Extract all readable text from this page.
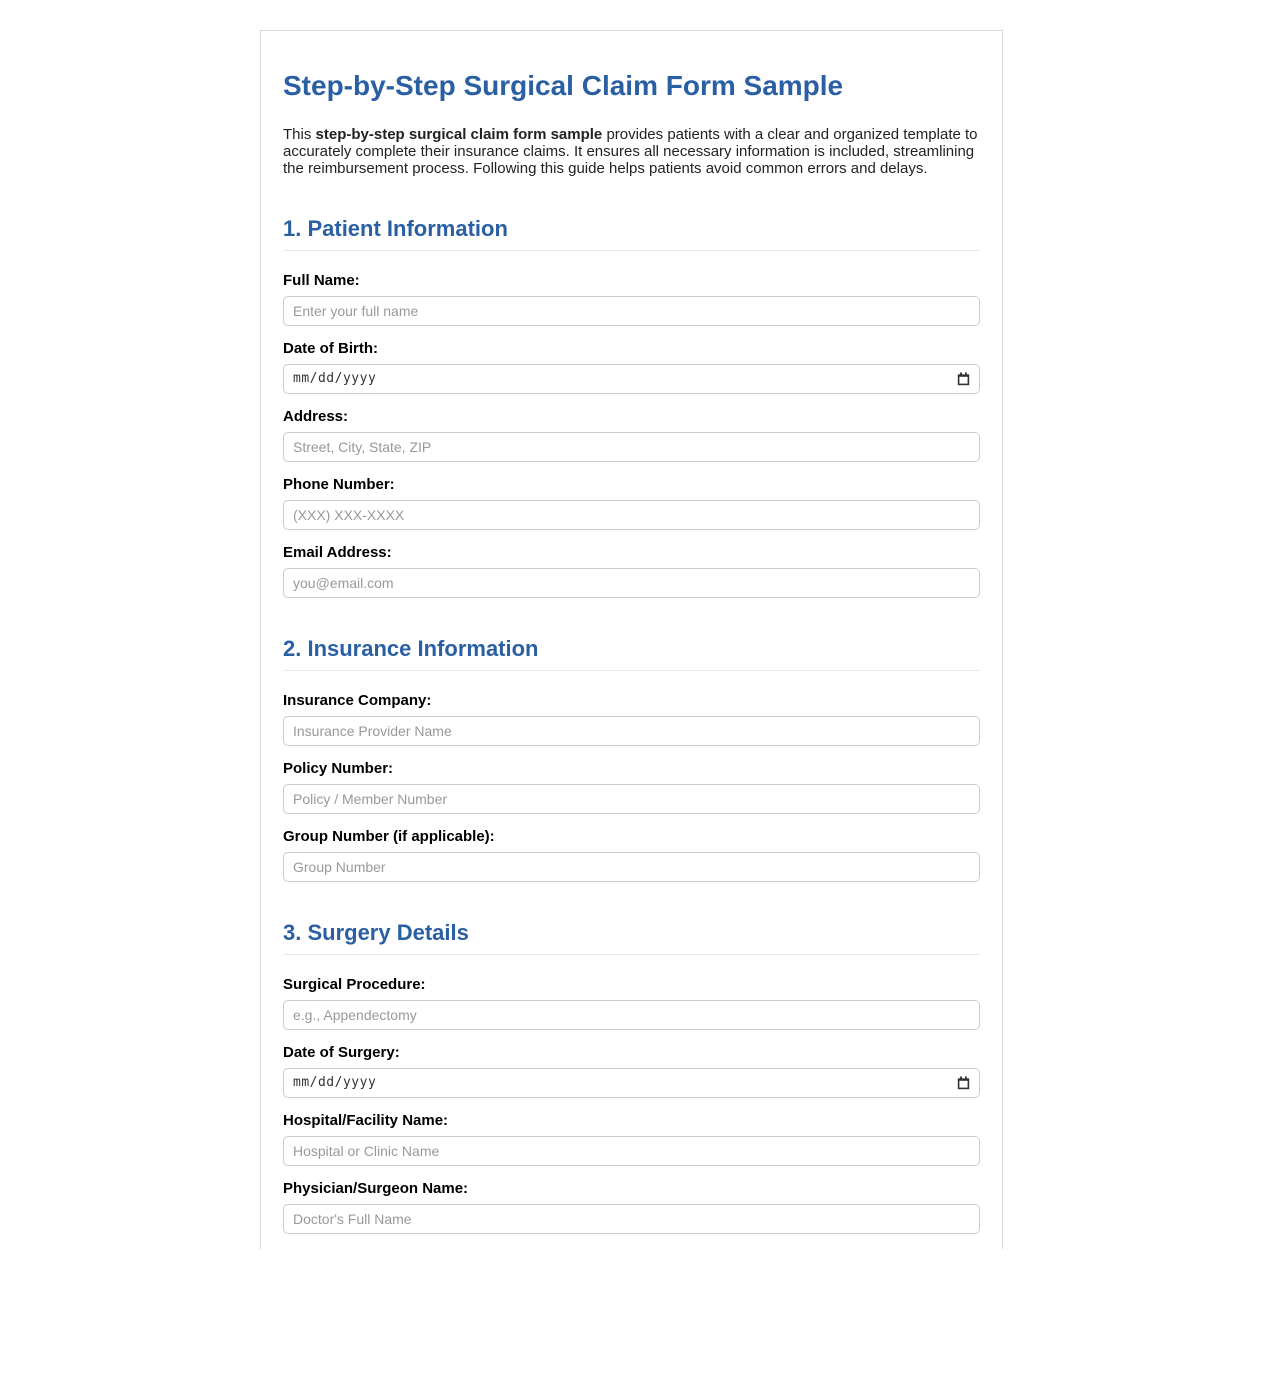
Step-by-Step Surgical Claim Form Sample

This step-by-step surgical claim form sample provides patients with a clear and organized template to accurately complete their insurance claims. It ensures all necessary information is included, streamlining the reimbursement process. Following this guide helps patients avoid common errors and delays.

1. Patient Information
Full Name:
Enter your full name
Date of Birth:
mm/dd/yyyy
Address:
Street, City, State, ZIP
Phone Number:
(XXX) XXX-XXXX
Email Address:
you@email.com
2. Insurance Information
Insurance Company:
Insurance Provider Name
Policy Number:
Policy / Member Number
Group Number (if applicable):
Group Number
3. Surgery Details
Surgical Procedure:
e.g., Appendectomy
Date of Surgery:
mm/dd/yyyy
Hospital/Facility Name:
Hospital or Clinic Name
Physician/Surgeon Name:
Doctor's Full Name
